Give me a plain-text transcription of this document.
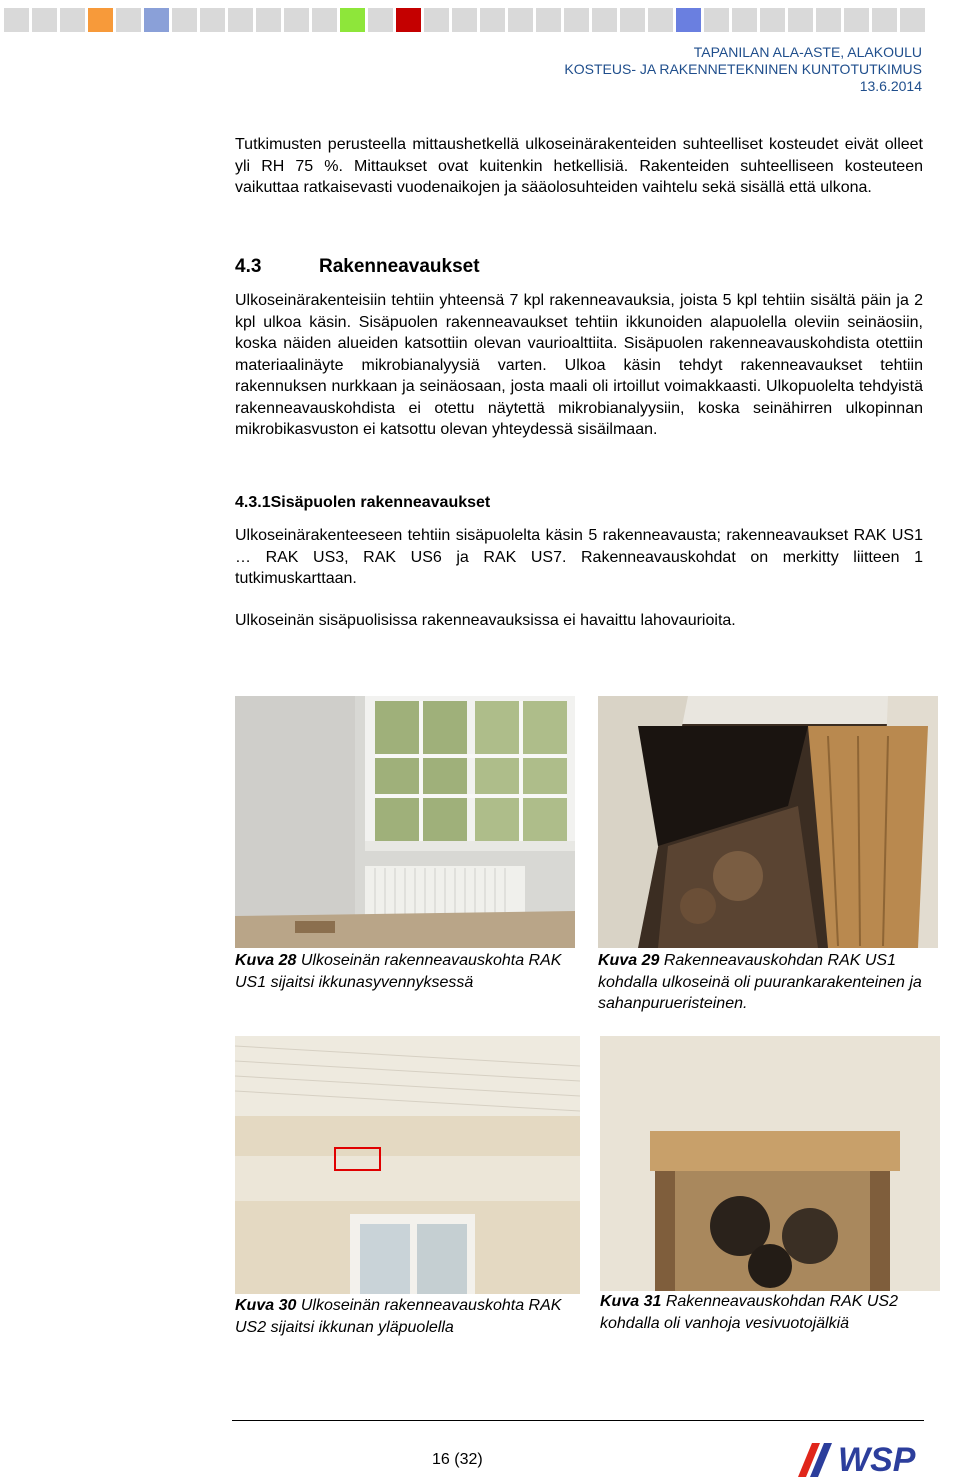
TAPANILAN ALA-ASTE, ALAKOULU
KOSTEUS- JA RAKENNETEKNINEN KUNTOTUTKIMUS
13.6.2014
Tutkimusten perusteella mittaushetkellä ulkoseinärakenteiden suhteelliset kosteudet eivät olleet yli RH 75 %. Mittaukset ovat kuitenkin hetkellisiä. Rakenteiden suhteelliseen kosteuteen vaikuttaa ratkaisevasti vuodenaikojen ja sääolosuhteiden vaihtelu sekä sisällä että ulkona.
4.3	Rakenneavaukset
Ulkoseinärakenteisiin tehtiin yhteensä 7 kpl rakenneavauksia, joista 5 kpl tehtiin sisältä päin ja 2 kpl ulkoa käsin. Sisäpuolen rakenneavaukset tehtiin ikkunoiden alapuolella oleviin seinäosiin, koska näiden alueiden katsottiin olevan vaurioalttiita. Sisäpuolen rakenneavauskohdista otettiin materiaalinäyte mikrobianalyysiä varten. Ulkoa käsin tehdyt rakenneavaukset tehtiin rakennuksen nurkkaan ja seinäosaan, josta maali oli irtoillut voimakkaasti. Ulkopuolelta tehdyistä rakenneavauskohdista ei otettu näytettä mikrobianalyysiin, koska seinähirren ulkopinnan mikrobikasvuston ei katsottu olevan yhteydessä sisäilmaan.
4.3.1Sisäpuolen rakenneavaukset
Ulkoseinärakenteeseen tehtiin sisäpuolelta käsin 5 rakenneavausta; rakenneavaukset RAK US1 … RAK US3, RAK US6 ja RAK US7. Rakenneavauskohdat on merkitty liitteen 1 tutkimuskarttaan.
Ulkoseinän sisäpuolisissa rakenneavauksissa ei havaittu lahovaurioita.
Kuva 28 Ulkoseinän rakenneavauskohta RAK US1 sijaitsi ikkunasyvennyksessä
Kuva 29 Rakenneavauskohdan RAK US1 kohdalla ulkoseinä oli puurankarakenteinen ja sahanpurueristeinen.
Kuva 30 Ulkoseinän rakenneavauskohta RAK US2 sijaitsi ikkunan yläpuolella
Kuva 31 Rakenneavauskohdan RAK US2 kohdalla oli vanhoja vesivuotojälkiä
16 (32)	WSP
